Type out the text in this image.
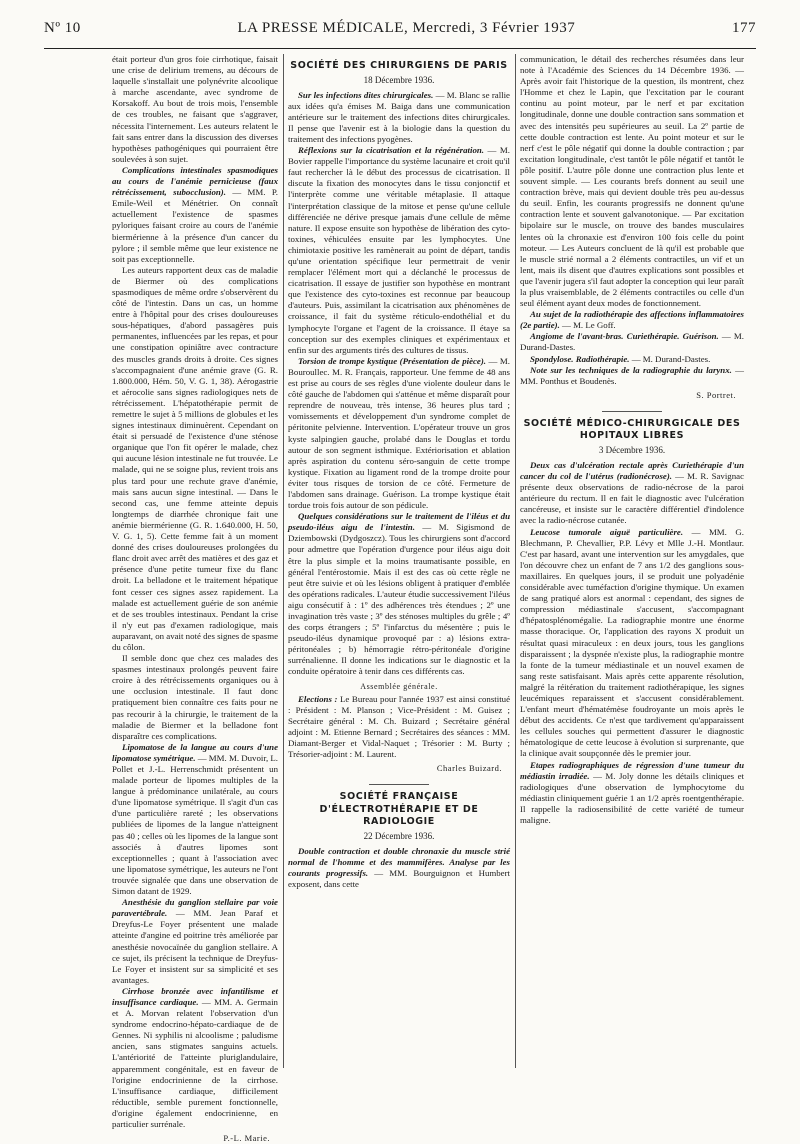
Nº 10	LA PRESSE MÉDICALE, Mercredi, 3 Février 1937	177

était porteur d'un gros foie cirrhotique, faisait une crise de delirium tremens, au décours de laquelle s'installait une polynévrite alcoolique à marche ascendante, avec syndrome de Korsakoff. Au bout de trois mois, l'ensemble de ces troubles, ne faisant que s'aggraver, nécessita l'internement. Les auteurs relatent le fait sans entrer dans la discussion des diverses hypothèses pathogéniques qui pourraient être soulevées à son sujet.

Complications intestinales spasmodiques au cours de l'anémie pernicieuse (faux rétrécissement, subocclusion). — MM. P. Emile-Weil et Ménétrier. On connaît actuellement l'existence de spasmes pyloriques faisant croire au cours de l'anémie biermérienne à la présence d'un cancer du pylore ; il semble même que leur existence ne soit pas exceptionnelle.

Les auteurs rapportent deux cas de maladie de Biermer où des complications spasmodiques de même ordre s'observèrent du côté de l'intestin. Dans un cas, un homme entre à l'hôpital pour des crises douloureuses sous-hépatiques, d'abord passagères puis permanentes, influencées par les repas, et pour une constipation opiniâtre avec contracture des muscles grands droits à droite. Ces signes s'accompagnaient d'une anémie grave (G. R. 1.800.000, Hém. 50, V. G. 1, 38). Aérogastrie et aérocolie sans signes radiologiques nets de rétrécissement. L'hépatothérapie permit de remettre le sujet à 5 millions de globules et les signes intestinaux diminuèrent. Cependant on était si persuadé de l'existence d'une sténose organique que l'on fit opérer le malade, chez qui aucune lésion intestinale ne fut trouvée. Le malade, qui ne se soigne plus, revient trois ans plus tard pour une rechute grave d'anémie, mais sans aucun signe intestinal. — Dans le second cas, une femme atteinte depuis longtemps de diarrhée chronique fait une anémie biermérienne (G. R. 1.640.000, H. 50, V. G. 1, 5). Cette femme fait à un moment donné des crises douloureuses prolongées du flanc droit avec arrêt des matières et des gaz et présence d'une petite tumeur fixe du flanc droit. La belladone et le traitement hépatique font cesser ces signes assez rapidement. La malade est actuellement guérie de son anémie et de ses troubles intestinaux. Pendant la crise il n'y eut pas d'examen radiologique, mais auparavant, on avait noté des signes de spasme du côlon.

Il semble donc que chez ces malades des spasmes intestinaux prolongés peuvent faire croire à des rétrécissements organiques ou à une occlusion intestinale. Il faut donc pratiquement bien connaître ces faits pour ne pas recourir à la chirurgie, le traitement de la maladie de Biermer et la belladone font disparaître ces complications.

Lipomatose de la langue au cours d'une lipomatose symétrique. — MM. M. Duvoir, L. Pollet et J.-L. Herrenschmidt présentent un malade porteur de lipomes multiples de la langue à prédominance unilatérale, au cours d'une lipomatose symétrique. Il s'agit d'un cas d'une particulière rareté ; les observations publiées de lipomes de la langue n'atteignent pas 40 ; celles où les lipomes de la langue sont associés à d'autres lipomes sont exceptionnelles ; quant à l'association avec une lipomatose symétrique, les auteurs ne l'ont trouvée signalée que dans une observation de Simon datant de 1929.

Anesthésie du ganglion stellaire par voie paravertébrale. — MM. Jean Paraf et Dreyfus-Le Foyer présentent une malade atteinte d'angine ed poitrine très améliorée par anesthésie novocaïnée du ganglion stellaire. A ce sujet, ils précisent la technique de Dreyfus-Le Foyer et insistent sur sa simplicité et ses avantages.

Cirrhose bronzée avec infantilisme et insuffisance cardiaque. — MM. A. Germain et A. Morvan relatent l'observation d'un syndrome endocrino-hépato-cardiaque de de Gennes. Ni syphilis ni alcoolisme ; paludisme ancien, sans stigmates sanguins actuels. L'antériorité de l'atteinte pluriglandulaire, apparemment congénitale, est en faveur de l'origine endocrinienne de la cirrhose. L'insuffisance cardiaque, difficilement réductible, semble purement fonctionnelle, d'origine également endocrinienne, en particulier surrénale.

P.-L. Marie.
SOCIÉTÉ DES CHIRURGIENS DE PARIS
18 Décembre 1936.

Sur les infections dites chirurgicales. — M. Blanc se rallie aux idées qu'a émises M. Baiga dans une communication antérieure sur le traitement des infections dites chirurgicales. Il pense que l'avenir est à la biologie dans la question du traitement des infections pyogènes.

Réflexions sur la cicatrisation et la régénération. — M. Bovier rappelle l'importance du système lacunaire et croit qu'il faut rechercher là le début des processus de cicatrisation. Il discute la fixation des monocytes dans le tissu conjonctif et l'interprète comme une véritable métaplasie. Il attaque l'interprétation classique de la mitose et pense qu'une cellule différenciée ne dérive presque jamais d'une cellule de même nature. Il expose ensuite son hypothèse de libération des cyto-toxines, véhiculées ensuite par les lymphocytes. Une chimiotaxie positive les ramènerait au point de départ, tandis qu'une orientation spécifique leur permettrait de venir remplacer l'élément mort qui a déclanché le processus de cicatrisation. Il essaye de justifier son hypothèse en montrant que l'existence des cyto-toxines est reconnue par beaucoup d'auteurs. Puis, assimilant la cicatrisation aux phénomènes de croissance, il fait du système réticulo-endothélial et du lymphocyte l'organe et l'agent de la croissance. Il étaye sa conception sur des exemples cliniques et expérimentaux et enfin sur des arguments tirés des cultures de tissus.

Torsion de trompe kystique (Présentation de pièce). — M. Bouroullec. M. R. Français, rapporteur. Une femme de 48 ans est prise au cours de ses règles d'une violente douleur dans le côté gauche de l'abdomen qui s'atténue et même disparaît pour reprendre de nouveau, très intense, 36 heures plus tard ; vomissements et développement d'un syndrome complet de péritonite pelvienne. Intervention. L'opérateur trouve un gros kyste salpingien gauche, prolabé dans le Douglas et tordu autour de son segment isthmique. Extériorisation et ablation après aspiration du contenu séro-sanguin de cette trompe kystique. Fixation au ligament rond de la trompe droite pour éviter tous risques de torsion de ce côté. Fermeture de l'abdomen sans drainage. Guérison. La trompe kystique était tordue trois fois autour de son pédicule.

Quelques considérations sur le traitement de l'iléus et du pseudo-iléus aigu de l'intestin. — M. Sigismond de Dziembowski (Dydgoszcz). Tous les chirurgiens sont d'accord pour admettre que l'opération d'urgence pour iléus aigu doit être la plus simple et la moins traumatisante possible, en général l'entérostomie. Mais il est des cas où cette règle ne peut être suivie et où les lésions obligent à pratiquer d'emblée des opérations radicales. L'auteur étudie successivement l'iléus aigu consécutif à : 1º des adhérences très étendues ; 2º une invagination très vaste ; 3º des sténoses multiples du grêle ; 4º des corps étrangers ; 5º l'infarctus du mésentère ; puis le pseudo-iléus dynamique provoqué par : a) lésions extra-péritonéales ; b) hémorragie rétro-péritonéale d'origine surrénalienne. Il donne les indications sur le diagnostic et la conduite opératoire à tenir dans ces différents cas.

Assemblée générale.

Elections : Le Bureau pour l'année 1937 est ainsi constitué : Président : M. Planson ; Vice-Président : M. Guisez ; Secrétaire général : M. Ch. Buizard ; Secrétaire général adjoint : M. Etienne Bernard ; Secrétaires des séances : MM. Diamant-Berger et Vidal-Naquet ; Trésorier : M. Burty ; Trésorier-adjoint : M. Laurent.

Charles Buizard.
SOCIÉTÉ FRANÇAISE D'ÉLECTROTHÉRAPIE ET DE RADIOLOGIE
22 Décembre 1936.

Double contraction et double chronaxie du muscle strié normal de l'homme et des mammifères. Analyse par les courants progressifs. — MM. Bourguignon et Humbert exposent, dans cette

communication, le détail des recherches résumées dans leur note à l'Académie des Sciences du 14 Décembre 1936. — Après avoir fait l'historique de la question, ils montrent, chez l'Homme et chez le Lapin, que l'excitation par le courant continu au point moteur, par le nerf et par excitation longitudinale, donne une double contraction sans sommation et avec des intensités peu supérieures au seuil. La 2º partie de cette double contraction est lente. Au point moteur et sur le nerf c'est le pôle négatif qui donne la double contraction ; par excitation longitudinale, c'est tantôt le pôle négatif et tantôt le pôle positif. L'autre pôle donne une contraction plus lente et souvent simple. — Les courants brefs donnent au seuil une contraction brève, mais qui devient double très peu au-dessus du seuil. Enfin, les courants progressifs ne donnent qu'une contraction lente et souvent galvanotonique. — Par excitation bipolaire sur le muscle, on trouve des bandes musculaires lentes où la chronaxie est d'environ 100 fois celle du point moteur. — Les Auteurs concluent de là qu'il est probable que le muscle strié normal a 2 éléments contractiles, un vif et un lent, mais ils disent que d'autres explications sont possibles et que l'avenir jugera s'il faut adopter la conception qui leur paraît la plus vraisemblable, de 2 éléments contractiles ou celle d'un seul élément ayant deux modes de fonctionnement.

Au sujet de la radiothérapie des affections inflammatoires (2e partie). — M. Le Goff.

Angiome de l'avant-bras. Curiethérapie. Guérison. — M. Durand-Dastes.

Spondylose. Radiothérapie. — M. Durand-Dastes.

Note sur les techniques de la radiographie du larynx. — MM. Ponthus et Boudenès.

S. Portret.
SOCIÉTÉ MÉDICO-CHIRURGICALE DES HOPITAUX LIBRES
3 Décembre 1936.

Deux cas d'ulcération rectale après Curiethérapie d'un cancer du col de l'utérus (radionécrose). — M. R. Savignac présente deux observations de radio-nécrose de la paroi antérieure du rectum. Il en fait le diagnostic avec l'ulcération cancéreuse, et insiste sur le caractère différentiel d'indolence avec la radio-nécrose cutanée.

Leucose tumorale aiguë particulière. — MM. G. Blechmann, P. Chevallier, P.P. Lévy et Mlle J.-H. Montlaur. C'est par hasard, avant une intervention sur les amygdales, que l'on découvre chez un enfant de 7 ans 1/2 des ganglions sous-maxillaires. En quelques jours, il se produit une polyadénie considérable avec tuméfaction d'origine thymique. Un examen de sang pratiqué alors est anormal : cependant, des signes de compression médiastinale s'accusent, s'accompagnant d'hépatosplénomégalie. La radiographie montre une énorme masse thoracique. Or, l'application des rayons X produit un résultat quasi miraculeux : en deux jours, tous les ganglions disparaissent ; la dyspnée n'existe plus, la radiographie montre la fonte de la tumeur médiastinale et un nouvel examen de sang reste satisfaisant. Mais après cette apparente résolution, malgré la réitération du traitement radiothérapique, les signes leucémiques reparaissent et s'accusent considérablement. L'enfant meurt d'hématémèse foudroyante un mois après le début des accidents. Ce n'est que tardivement qu'apparaissent les cellules souches qui permettent d'assurer le diagnostic hématologique de cette leucose à évolution si surprenante, que la clinique avait soupçonnée dès le premier jour.

Etapes radiographiques de régression d'une tumeur du médiastin irradiée. — M. Joly donne les détails cliniques et radiologiques d'une observation de lymphocytome du médiastin cliniquement guérie 1 an 1/2 après roentgenthérapie. Il rappelle la radiosensibilité de cette variété de tumeur maligne.
